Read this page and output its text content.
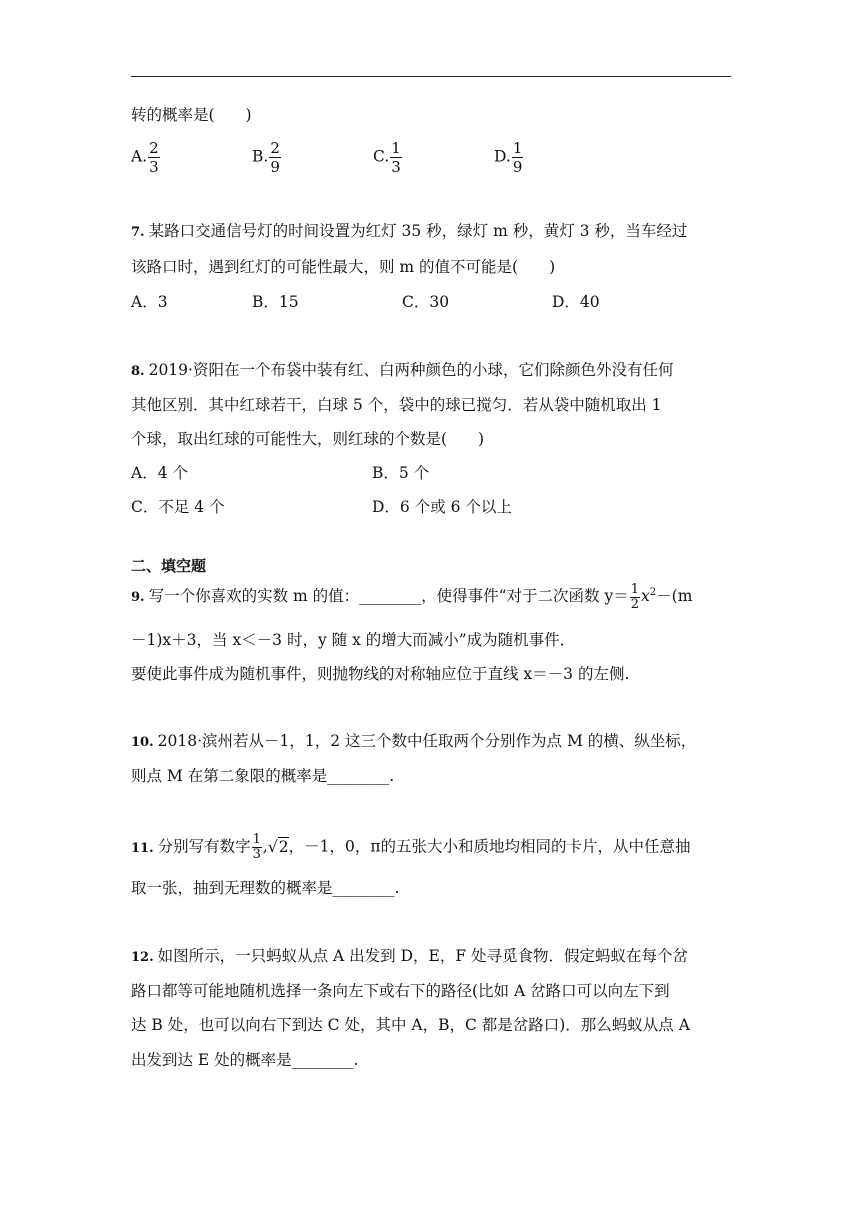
转的概率是(　　)
A. $\frac{2}{3}$	B. $\frac{2}{9}$	C. $\frac{1}{3}$	D. $\frac{1}{9}$
7. 某路口交通信号灯的时间设置为红灯 35 秒，绿灯 m 秒，黄灯 3 秒，当车经过
该路口时，遇到红灯的可能性最大，则 m 的值不可能是(　　)
A．3	B．15	C．30	D．40
8. 2019·资阳在一个布袋中装有红、白两种颜色的小球，它们除颜色外没有任何
其他区别．其中红球若干，白球 5 个，袋中的球已搅匀．若从袋中随机取出 1
个球，取出红球的可能性大，则红球的个数是(　　)
A．4 个	B．5 个
C．不足 4 个	D．6 个或 6 个以上
二、填空题
9. 写一个你喜欢的实数 m 的值：________，使得事件“对于二次函数 $y= \frac{1}{2} x^2-(m$
－1)x＋3，当 x＜－3 时，y 随 x 的增大而减小”成为随机事件．
要使此事件成为随机事件，则抛物线的对称轴应位于直线 x＝－3 的左侧.
10. 2018·滨州若从－1，1，2 这三个数中任取两个分别作为点 M 的横、纵坐标，
则点 M 在第二象限的概率是________.
11. 分别写有数字 $\frac{1}{3} ,√2$，－1，0，π的五张大小和质地均相同的卡片，从中任意抽
取一张，抽到无理数的概率是________.
12. 如图所示，一只蚂蚁从点 A 出发到 D，E，F 处寻觅食物．假定蚂蚁在每个岔
路口都等可能地随机选择一条向左下或右下的路径(比如 A 岔路口可以向左下到
达 B 处，也可以向右下到达 C 处，其中 A，B，C 都是岔路口)．那么蚂蚁从点 A
出发到达 E 处的概率是________.
